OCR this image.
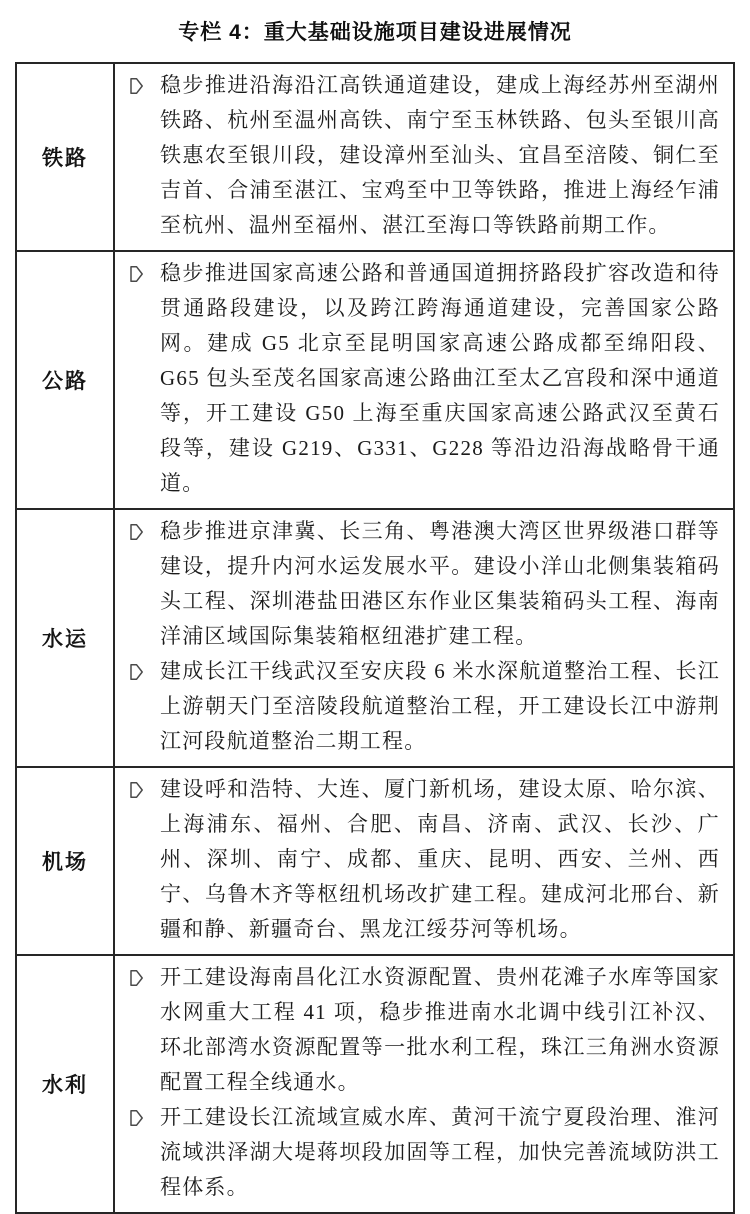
专栏 4：重大基础设施项目建设进展情况
铁路	稳步推进沿海沿江高铁通道建设，建成上海经苏州至湖州铁路、杭州至温州高铁、南宁至玉林铁路、包头至银川高铁惠农至银川段，建设漳州至汕头、宜昌至涪陵、铜仁至吉首、合浦至湛江、宝鸡至中卫等铁路，推进上海经乍浦至杭州、温州至福州、湛江至海口等铁路前期工作。

公路	稳步推进国家高速公路和普通国道拥挤路段扩容改造和待贯通路段建设，以及跨江跨海通道建设，完善国家公路网。建成 G5 北京至昆明国家高速公路成都至绵阳段、G65 包头至茂名国家高速公路曲江至太乙宫段和深中通道等，开工建设 G50 上海至重庆国家高速公路武汉至黄石段等，建设 G219、G331、G228 等沿边沿海战略骨干通道。

水运	稳步推进京津冀、长三角、粤港澳大湾区世界级港口群等建设，提升内河水运发展水平。建设小洋山北侧集装箱码头工程、深圳港盐田港区东作业区集装箱码头工程、海南洋浦区域国际集装箱枢纽港扩建工程。
建成长江干线武汉至安庆段 6 米水深航道整治工程、长江上游朝天门至涪陵段航道整治工程，开工建设长江中游荆江河段航道整治二期工程。

机场	建设呼和浩特、大连、厦门新机场，建设太原、哈尔滨、上海浦东、福州、合肥、南昌、济南、武汉、长沙、广州、深圳、南宁、成都、重庆、昆明、西安、兰州、西宁、乌鲁木齐等枢纽机场改扩建工程。建成河北邢台、新疆和静、新疆奇台、黑龙江绥芬河等机场。

水利	开工建设海南昌化江水资源配置、贵州花滩子水库等国家水网重大工程 41 项，稳步推进南水北调中线引江补汉、环北部湾水资源配置等一批水利工程，珠江三角洲水资源配置工程全线通水。
开工建设长江流域宣威水库、黄河干流宁夏段治理、淮河流域洪泽湖大堤蒋坝段加固等工程，加快完善流域防洪工程体系。
